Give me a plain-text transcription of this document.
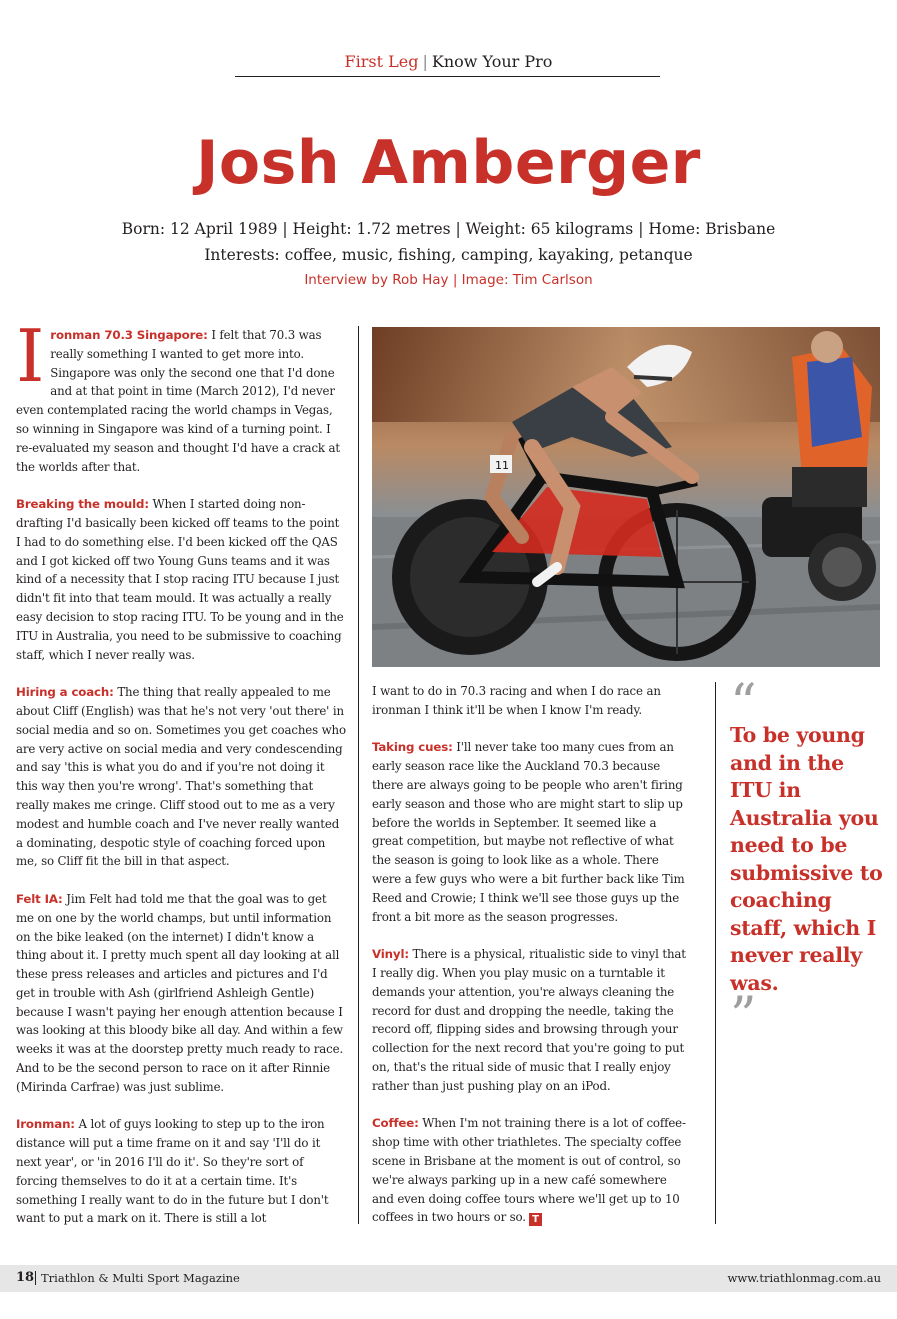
First Leg | Know Your Pro
Josh Amberger
Born: 12 April 1989 | Height: 1.72 metres | Weight: 65 kilograms | Home: Brisbane
Interests: coffee, music, fishing, camping, kayaking, petanque
Interview by Rob Hay | Image: Tim Carlson

Ironman 70.3 Singapore: I felt that 70.3 was really something I wanted to get more into. Singapore was only the second one that I'd done and at that point in time (March 2012), I'd never even contemplated racing the world champs in Vegas, so winning in Singapore was kind of a turning point. I re-evaluated my season and thought I'd have a crack at the worlds after that.

Breaking the mould: When I started doing non-drafting I'd basically been kicked off teams to the point I had to do something else. I'd been kicked off the QAS and I got kicked off two Young Guns teams and it was kind of a necessity that I stop racing ITU because I just didn't fit into that team mould. It was actually a really easy decision to stop racing ITU. To be young and in the ITU in Australia, you need to be submissive to coaching staff, which I never really was.

Hiring a coach: The thing that really appealed to me about Cliff (English) was that he's not very 'out there' in social media and so on. Sometimes you get coaches who are very active on social media and very condescending and say 'this is what you do and if you're not doing it this way then you're wrong'. That's something that really makes me cringe. Cliff stood out to me as a very modest and humble coach and I've never really wanted a dominating, despotic style of coaching forced upon me, so Cliff fit the bill in that aspect.

Felt IA: Jim Felt had told me that the goal was to get me on one by the world champs, but until information on the bike leaked (on the internet) I didn't know a thing about it. I pretty much spent all day looking at all these press releases and articles and pictures and I'd get in trouble with Ash (girlfriend Ashleigh Gentle) because I wasn't paying her enough attention because I was looking at this bloody bike all day. And within a few weeks it was at the doorstep pretty much ready to race. And to be the second person to race on it after Rinnie (Mirinda Carfrae) was just sublime.

Ironman: A lot of guys looking to step up to the iron distance will put a time frame on it and say 'I'll do it next year', or 'in 2016 I'll do it'. So they're sort of forcing themselves to do it at a certain time. It's something I really want to do in the future but I don't want to put a mark on it. There is still a lot

11

I want to do in 70.3 racing and when I do race an ironman I think it'll be when I know I'm ready.

Taking cues: I'll never take too many cues from an early season race like the Auckland 70.3 because there are always going to be people who aren't firing early season and those who are might start to slip up before the worlds in September. It seemed like a great competition, but maybe not reflective of what the season is going to look like as a whole. There were a few guys who were a bit further back like Tim Reed and Crowie; I think we'll see those guys up the front a bit more as the season progresses.

Vinyl: There is a physical, ritualistic side to vinyl that I really dig. When you play music on a turntable it demands your attention, you're always cleaning the record for dust and dropping the needle, taking the record off, flipping sides and browsing through your collection for the next record that you're going to put on, that's the ritual side of music that I really enjoy rather than just pushing play on an iPod.

Coffee: When I'm not training there is a lot of coffee-shop time with other triathletes. The specialty coffee scene in Brisbane at the moment is out of control, so we're always parking up in a new café somewhere and even doing coffee tours where we'll get up to 10 coffees in two hours or so. T

“
To be young and in the ITU in Australia you need to be submissive to coaching staff, which I never really was.
”
18 Triathlon & Multi Sport Magazine	www.triathlonmag.com.au
